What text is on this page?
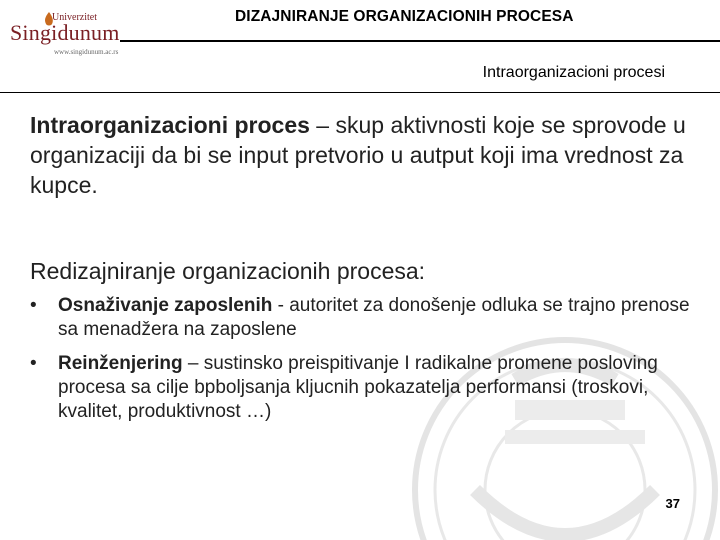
Univerzitet
Singidunum
www.singidunum.ac.rs
DIZAJNIRANJE ORGANIZACIONIH PROCESA
Intraorganizacioni procesi
Intraorganizacioni proces – skup aktivnosti koje se sprovode u organizaciji da bi se input pretvorio u autput koji ima vrednost za kupce.
Redizajniranje organizacionih procesa:
• Osnaživanje zaposlenih - autoritet za donošenje odluka se trajno prenose sa menadžera na zaposlene
• Reinženjering – sustinsko preispitivanje I radikalne promene posloving procesa sa cilje bpboljsanja kljucnih pokazatelja performansi (troskovi, kvalitet, produktivnost …)
37
